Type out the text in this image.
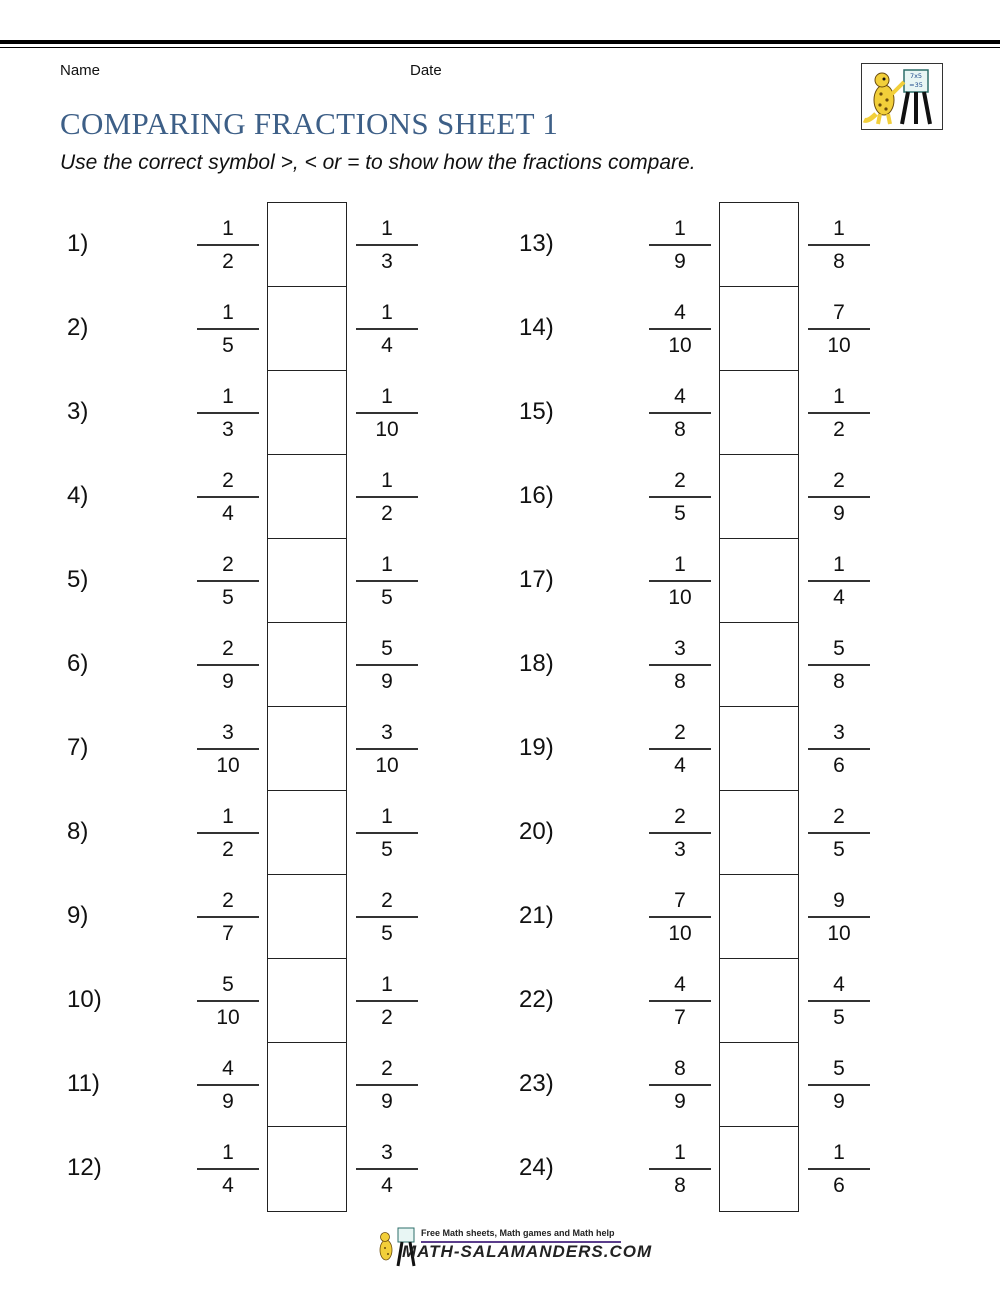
Name	Date	7x5
=35
COMPARING FRACTIONS SHEET 1
Use the correct symbol >, < or = to show how the fractions compare.
1)
1
2
1
3
2)
1
5
1
4
3)
1
3
1
10
4)
2
4
1
2
5)
2
5
1
5
6)
2
9
5
9
7)
3
10
3
10
8)
1
2
1
5
9)
2
7
2
5
10)
5
10
1
2
11)
4
9
2
9
12)
1
4
3
4
13)
1
9
1
8
14)
4
10
7
10
15)
4
8
1
2
16)
2
5
2
9
17)
1
10
1
4
18)
3
8
5
8
19)
2
4
3
6
20)
2
3
2
5
21)
7
10
9
10
22)
4
7
4
5
23)
8
9
5
9
24)
1
8
1
6
Free Math sheets, Math games and Math help
MATH-SALAMANDERS.COM
